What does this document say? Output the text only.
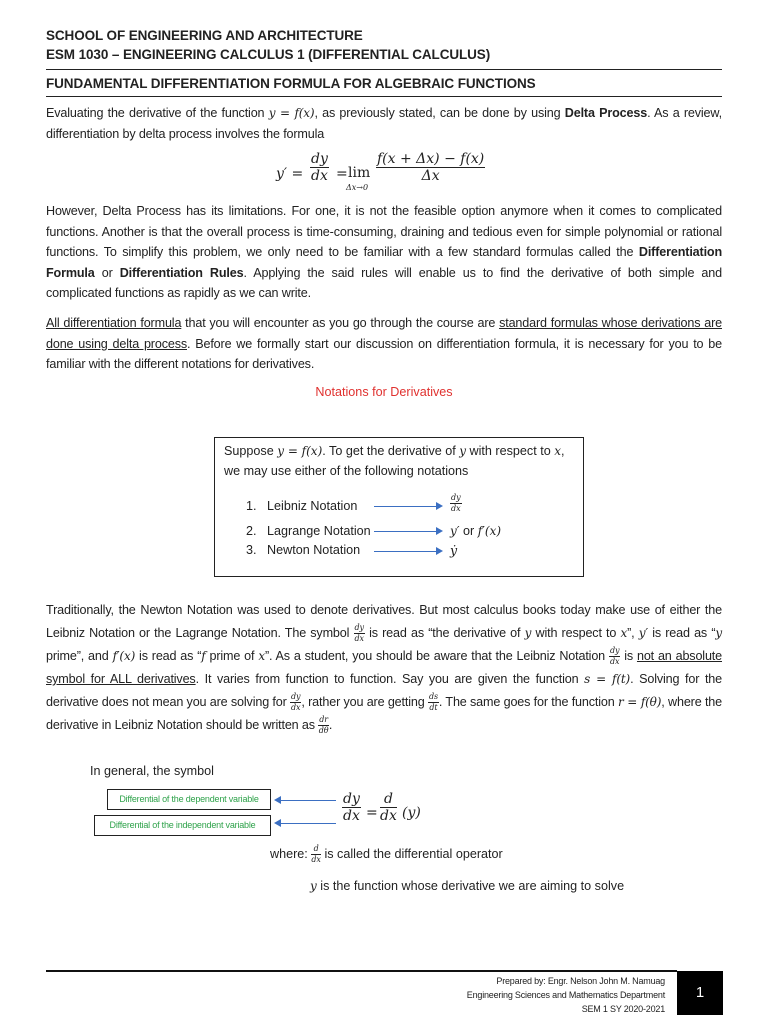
SCHOOL OF ENGINEERING AND ARCHITECTURE
ESM 1030 – ENGINEERING CALCULUS 1 (DIFFERENTIAL CALCULUS)
FUNDAMENTAL DIFFERENTIATION FORMULA FOR ALGEBRAIC FUNCTIONS
Evaluating the derivative of the function y = f(x), as previously stated, can be done by using Delta Process. As a review, differentiation by delta process involves the formula
$y' = \frac{dy}{dx} = \lim$
Δx→0
$\frac{f(x + \Delta x) - f(x)}{\Delta x}$
However, Delta Process has its limitations. For one, it is not the feasible option anymore when it comes to complicated functions. Another is that the overall process is time-consuming, draining and tedious even for simple polynomial or rational functions. To simplify this problem, we only need to be familiar with a few standard formulas called the Differentiation Formula or Differentiation Rules. Applying the said rules will enable us to find the derivative of both simple and complicated functions as rapidly as we can write.
All differentiation formula that you will encounter as you go through the course are standard formulas whose derivations are done using delta process. Before we formally start our discussion on differentiation formula, it is necessary for you to be familiar with the different notations for derivatives.
Notations for Derivatives
Suppose y = f(x). To get the derivative of y with respect to x,
we may use either of the following notations
1. Leibniz Notation	$\frac{dy}{dx}$
2. Lagrange Notation	y′ or f′(x)
3. Newton Notation	ẏ
Traditionally, the Newton Notation was used to denote derivatives. But most calculus books today make use of either the Leibniz Notation or the Lagrange Notation. The symbol $\frac{dy}{dx}$ is read as “the derivative of y with respect to x”, y′ is read as “y prime”, and f′(x) is read as “f prime of x”. As a student, you should be aware that the Leibniz Notation $\frac{dy}{dx}$ is not an absolute symbol for ALL derivatives. It varies from function to function. Say you are given the function s = f(t). Solving for the derivative does not mean you are solving for $\frac{dy}{dx}$ , rather you are getting $\frac{ds}{dt}$ . The same goes for the function r = f(θ), where the derivative in Leibniz Notation should be written as $\frac{dr}{d\theta}$ .
In general, the symbol
Differential of the dependent variable
Differential of the independent variable
$\frac{dy}{dx} = \frac{d}{dx} (y)$
where: $\frac{d}{dx}$ is called the differential operator
y is the function whose derivative we are aiming to solve
Prepared by: Engr. Nelson John M. Namuag
Engineering Sciences and Mathematics Department
SEM 1 SY 2020-2021
1
